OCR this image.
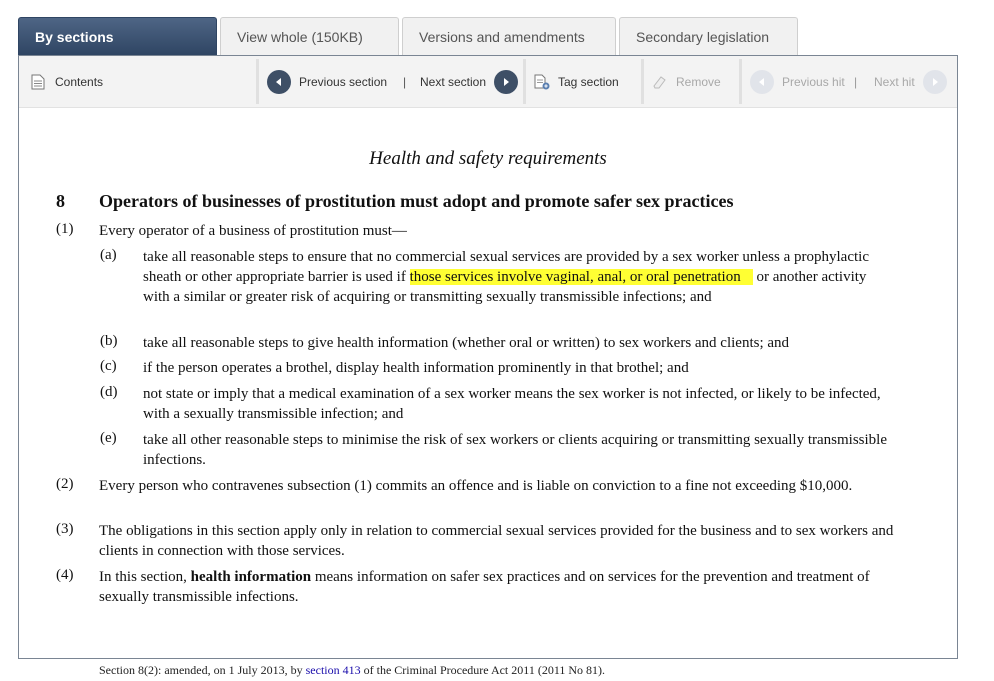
By sections	View whole (150KB)	Versions and amendments	Secondary legislation
Contents	Previous section | Next section	Tag section	Remove	Previous hit | Next hit
Health and safety requirements
8 Operators of businesses of prostitution must adopt and promote safer sex practices
(1) Every operator of a business of prostitution must—
(a) take all reasonable steps to ensure that no commercial sexual services are provided by a sex worker unless a prophylactic sheath or other appropriate barrier is used if those services involve vaginal, anal, or oral penetration or another activity with a similar or greater risk of acquiring or transmitting sexually transmissible infections; and
(b) take all reasonable steps to give health information (whether oral or written) to sex workers and clients; and
(c) if the person operates a brothel, display health information prominently in that brothel; and
(d) not state or imply that a medical examination of a sex worker means the sex worker is not infected, or likely to be infected, with a sexually transmissible infection; and
(e) take all other reasonable steps to minimise the risk of sex workers or clients acquiring or transmitting sexually transmissible infections.
(2) Every person who contravenes subsection (1) commits an offence and is liable on conviction to a fine not exceeding $10,000.
(3) The obligations in this section apply only in relation to commercial sexual services provided for the business and to sex workers and clients in connection with those services.
(4) In this section, health information means information on safer sex practices and on services for the prevention and treatment of sexually transmissible infections.
Section 8(2): amended, on 1 July 2013, by section 413 of the Criminal Procedure Act 2011 (2011 No 81).
